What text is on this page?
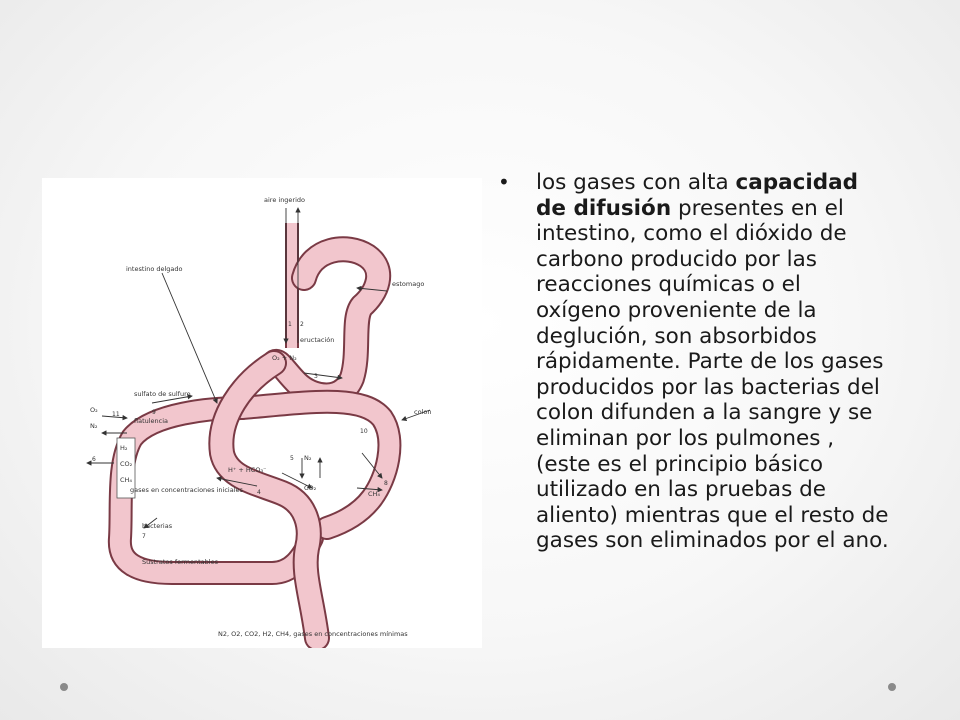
aire ingerido
intestino delgado
estomago
eructación
O₂ + N₂
colon
sulfato de sulfuro
flatulencia
O₂
N₂
H₂
CO₂
CH₄
H⁺ + HCO₃⁻
N₂
CO₂
CH₄
gases en concentraciones iniciales
bacterias
Sustratos fermentables
N2, O2, CO2, H2, CH4, gases en concentraciones mínimas
1 2
3
4
5
6
7
8
9
10
11
• los gases con alta capacidad de difusión presentes en el intestino, como el dióxido de carbono producido por las reacciones químicas o el oxígeno proveniente de la deglución, son absorbidos rápidamente. Parte de los gases producidos por las bacterias del colon difunden a la sangre y se eliminan por los pulmones , (este es el principio básico utilizado en las pruebas de aliento) mientras que el resto de gases son eliminados por el ano.
